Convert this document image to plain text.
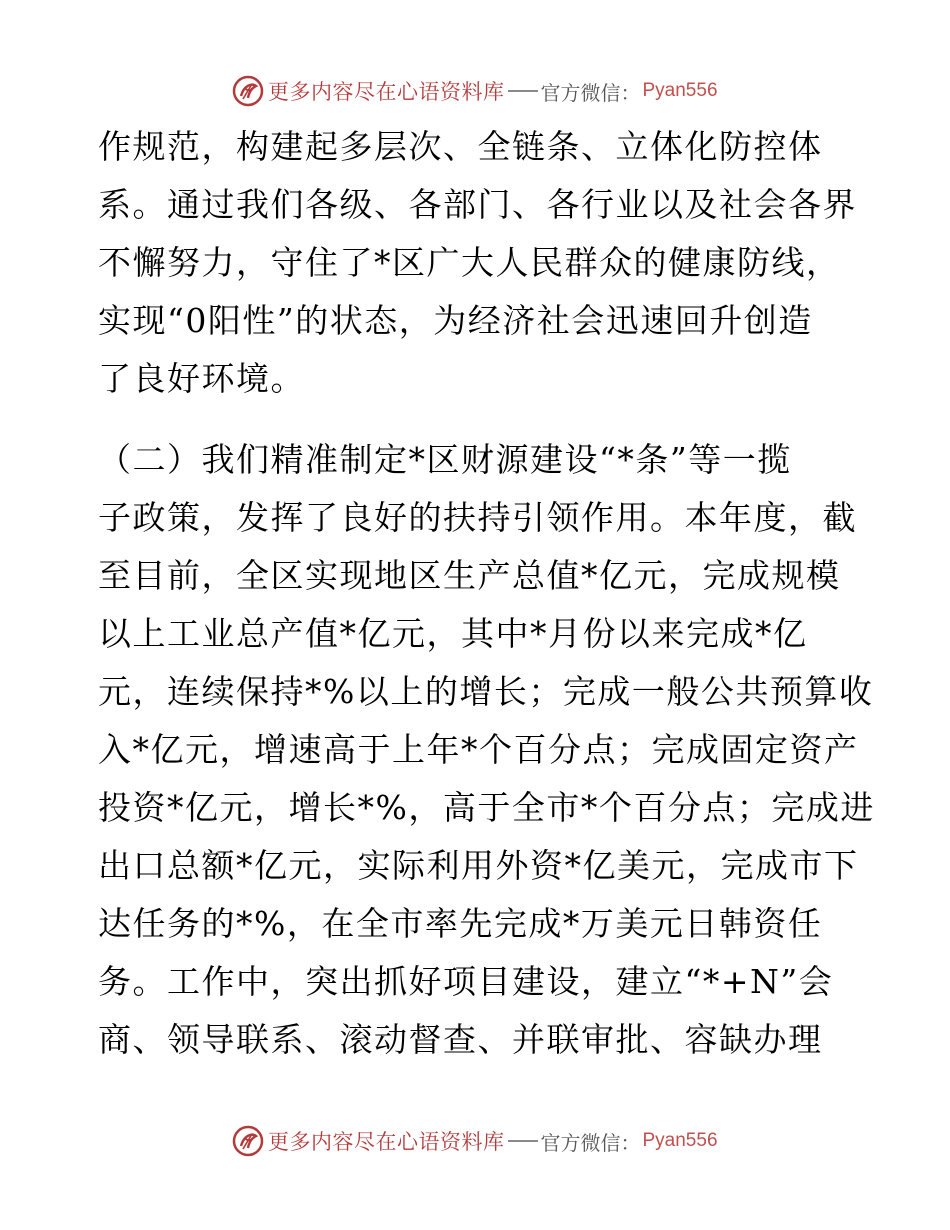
更多内容尽在心语资料库 官方微信： Pyan556
作规范，构建起多层次、全链条、立体化防控体
系。通过我们各级、各部门、各行业以及社会各界
不懈努力，守住了*区广大人民群众的健康防线，
实现“0阳性”的状态，为经济社会迅速回升创造
了良好环境。
（二）我们精准制定*区财源建设“*条”等一揽
子政策，发挥了良好的扶持引领作用。本年度，截
至目前，全区实现地区生产总值*亿元，完成规模
以上工业总产值*亿元，其中*月份以来完成*亿
元，连续保持*%以上的增长；完成一般公共预算收
入*亿元，增速高于上年*个百分点；完成固定资产
投资*亿元，增长*%，高于全市*个百分点；完成进
出口总额*亿元，实际利用外资*亿美元，完成市下
达任务的*%，在全市率先完成*万美元日韩资任
务。工作中，突出抓好项目建设，建立“*+N”会
商、领导联系、滚动督查、并联审批、容缺办理
更多内容尽在心语资料库 官方微信： Pyan556
